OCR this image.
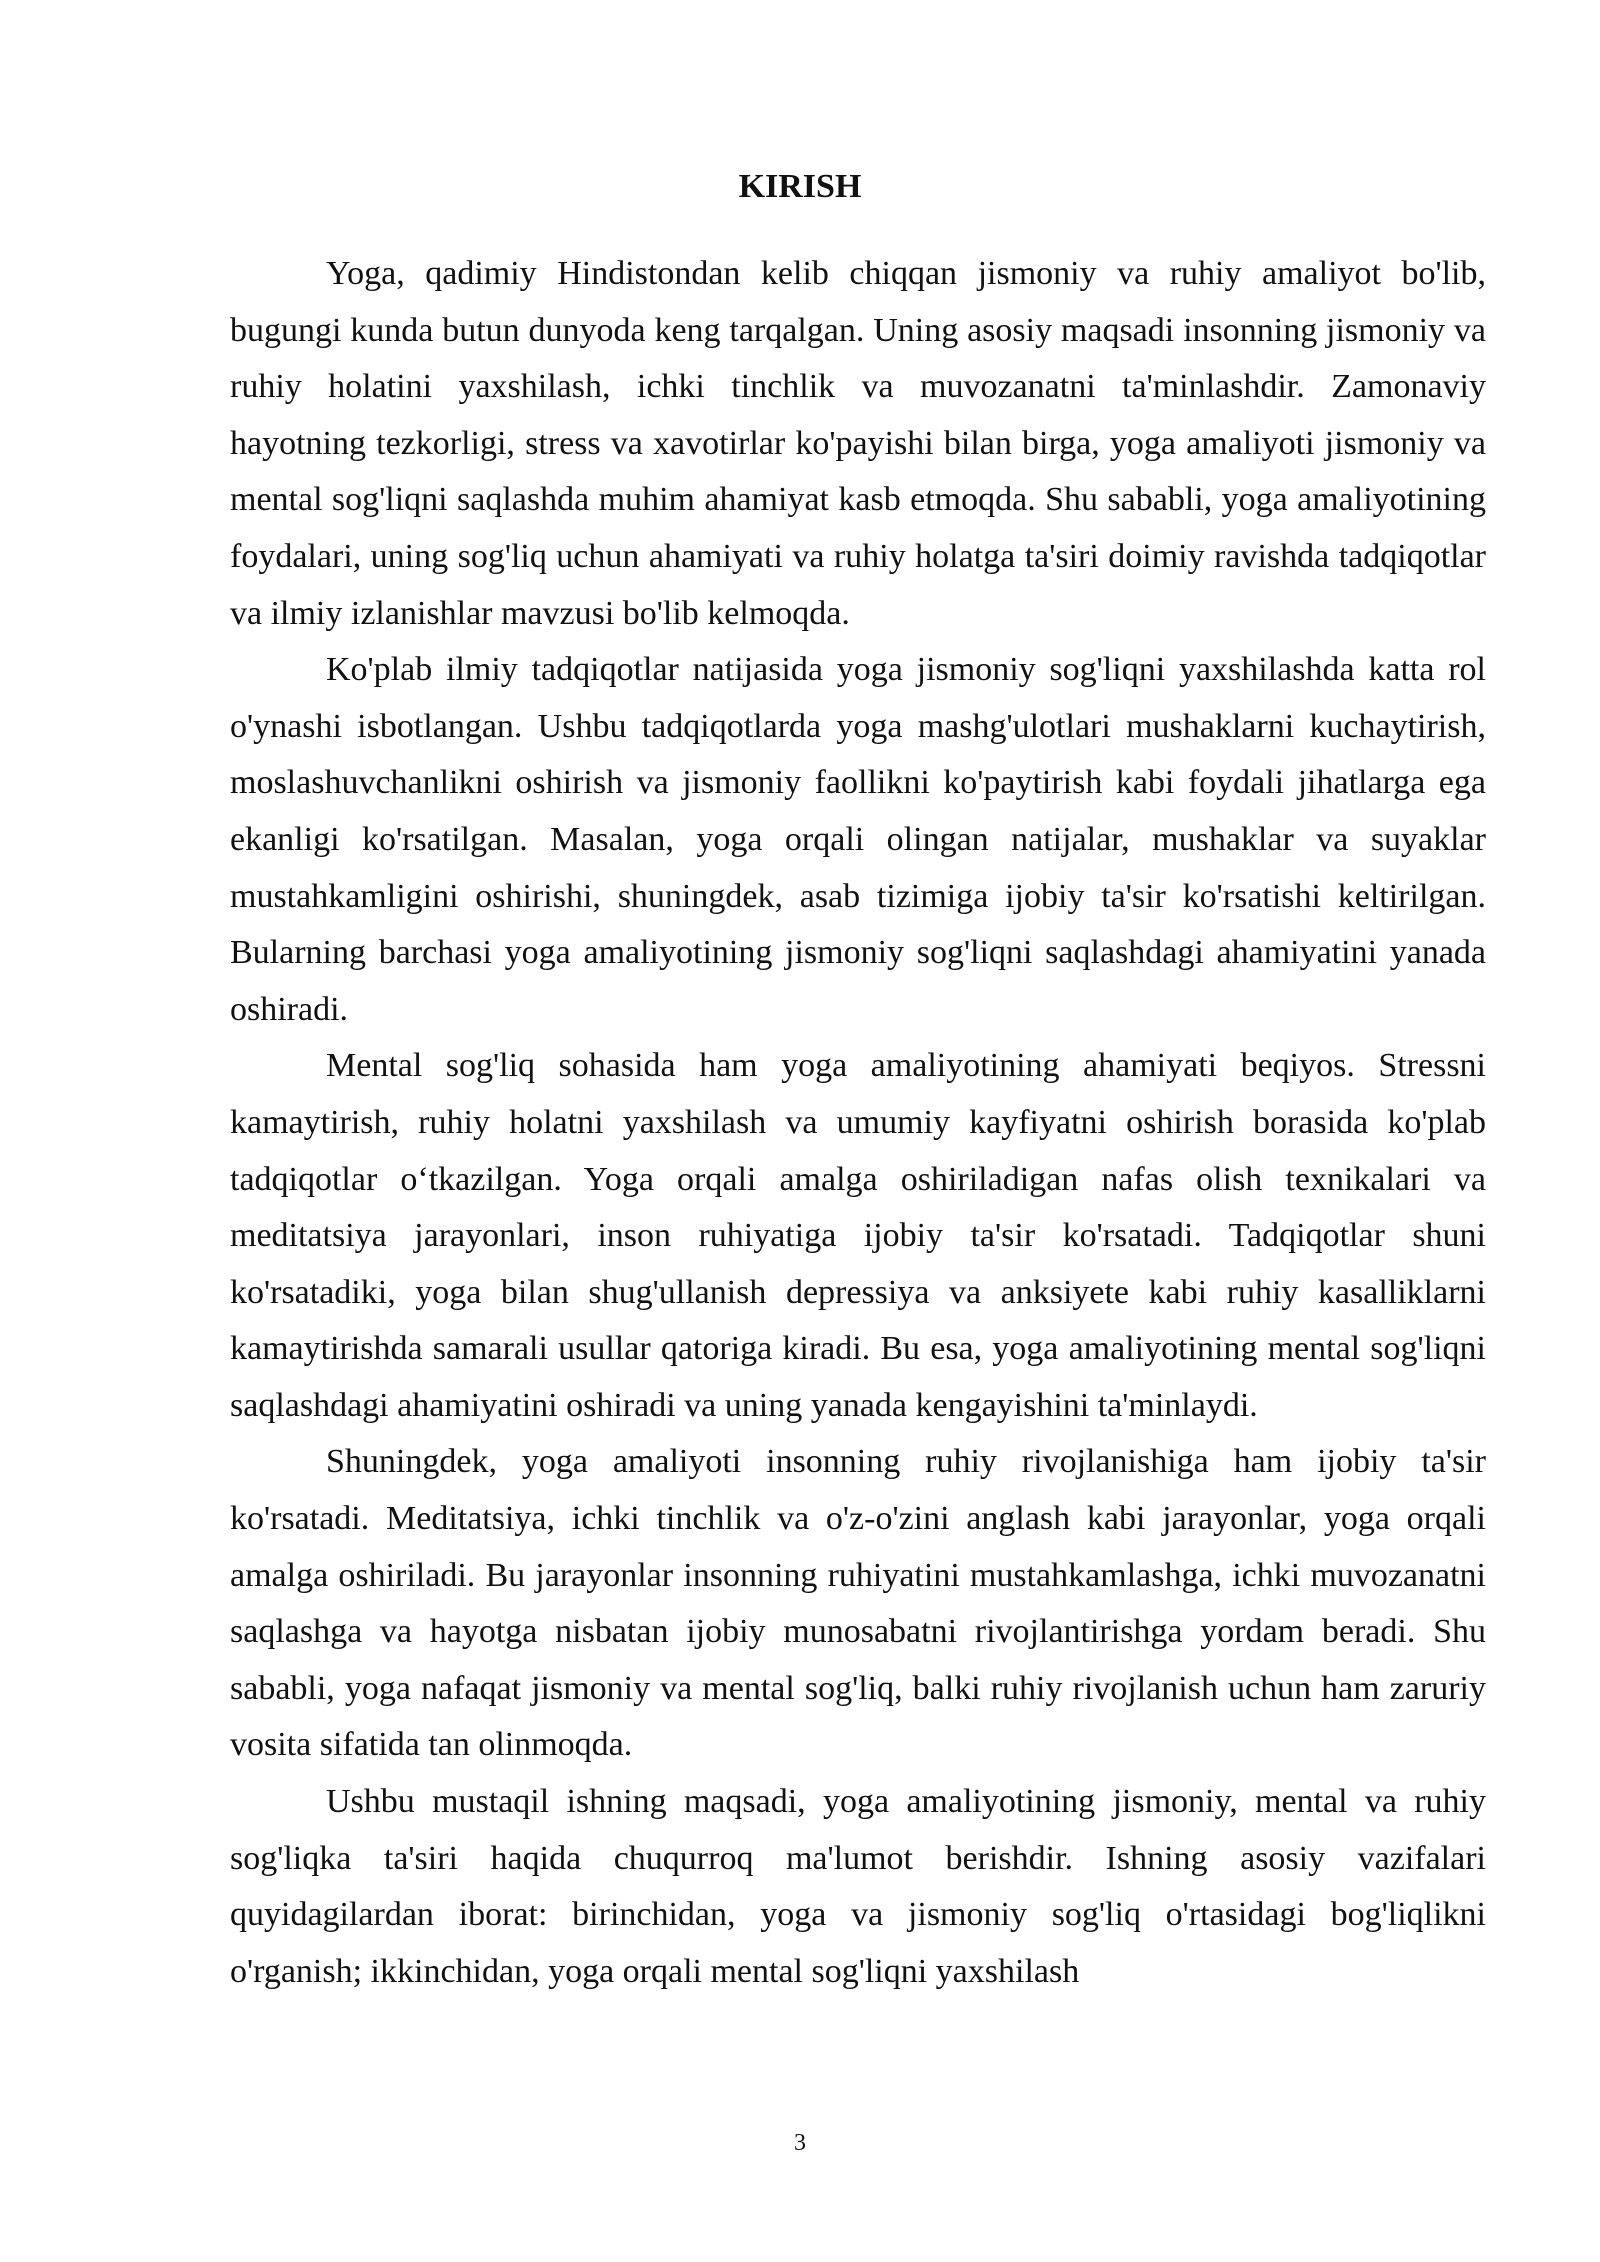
KIRISH

Yoga, qadimiy Hindistondan kelib chiqqan jismoniy va ruhiy amaliyot bo'lib, bugungi kunda butun dunyoda keng tarqalgan. Uning asosiy maqsadi insonning jismoniy va ruhiy holatini yaxshilash, ichki tinchlik va muvozanatni ta'minlashdir. Zamonaviy hayotning tezkorligi, stress va xavotirlar ko'payishi bilan birga, yoga amaliyoti jismoniy va mental sog'liqni saqlashda muhim ahamiyat kasb etmoqda. Shu sababli, yoga amaliyotining foydalari, uning sog'liq uchun ahamiyati va ruhiy holatga ta'siri doimiy ravishda tadqiqotlar va ilmiy izlanishlar mavzusi bo'lib kelmoqda.

Ko'plab ilmiy tadqiqotlar natijasida yoga jismoniy sog'liqni yaxshilashda katta rol o'ynashi isbotlangan. Ushbu tadqiqotlarda yoga mashg'ulotlari mushaklarni kuchaytirish, moslashuvchanlikni oshirish va jismoniy faollikni ko'paytirish kabi foydali jihatlarga ega ekanligi ko'rsatilgan. Masalan, yoga orqali olingan natijalar, mushaklar va suyaklar mustahkamligini oshirishi, shuningdek, asab tizimiga ijobiy ta'sir ko'rsatishi keltirilgan. Bularning barchasi yoga amaliyotining jismoniy sog'liqni saqlashdagi ahamiyatini yanada oshiradi.

Mental sog'liq sohasida ham yoga amaliyotining ahamiyati beqiyos. Stressni kamaytirish, ruhiy holatni yaxshilash va umumiy kayfiyatni oshirish borasida ko'plab tadqiqotlar o‘tkazilgan. Yoga orqali amalga oshiriladigan nafas olish texnikalari va meditatsiya jarayonlari, inson ruhiyatiga ijobiy ta'sir ko'rsatadi. Tadqiqotlar shuni ko'rsatadiki, yoga bilan shug'ullanish depressiya va anksiyete kabi ruhiy kasalliklarni kamaytirishda samarali usullar qatoriga kiradi. Bu esa, yoga amaliyotining mental sog'liqni saqlashdagi ahamiyatini oshiradi va uning yanada kengayishini ta'minlaydi.

Shuningdek, yoga amaliyoti insonning ruhiy rivojlanishiga ham ijobiy ta'sir ko'rsatadi. Meditatsiya, ichki tinchlik va o'z-o'zini anglash kabi jarayonlar, yoga orqali amalga oshiriladi. Bu jarayonlar insonning ruhiyatini mustahkamlashga, ichki muvozanatni saqlashga va hayotga nisbatan ijobiy munosabatni rivojlantirishga yordam beradi. Shu sababli, yoga nafaqat jismoniy va mental sog'liq, balki ruhiy rivojlanish uchun ham zaruriy vosita sifatida tan olinmoqda.

Ushbu mustaqil ishning maqsadi, yoga amaliyotining jismoniy, mental va ruhiy sog'liqka ta'siri haqida chuqurroq ma'lumot berishdir. Ishning asosiy vazifalari quyidagilardan iborat: birinchidan, yoga va jismoniy sog'liq o'rtasidagi bog'liqlikni o'rganish; ikkinchidan, yoga orqali mental sog'liqni yaxshilash

3
